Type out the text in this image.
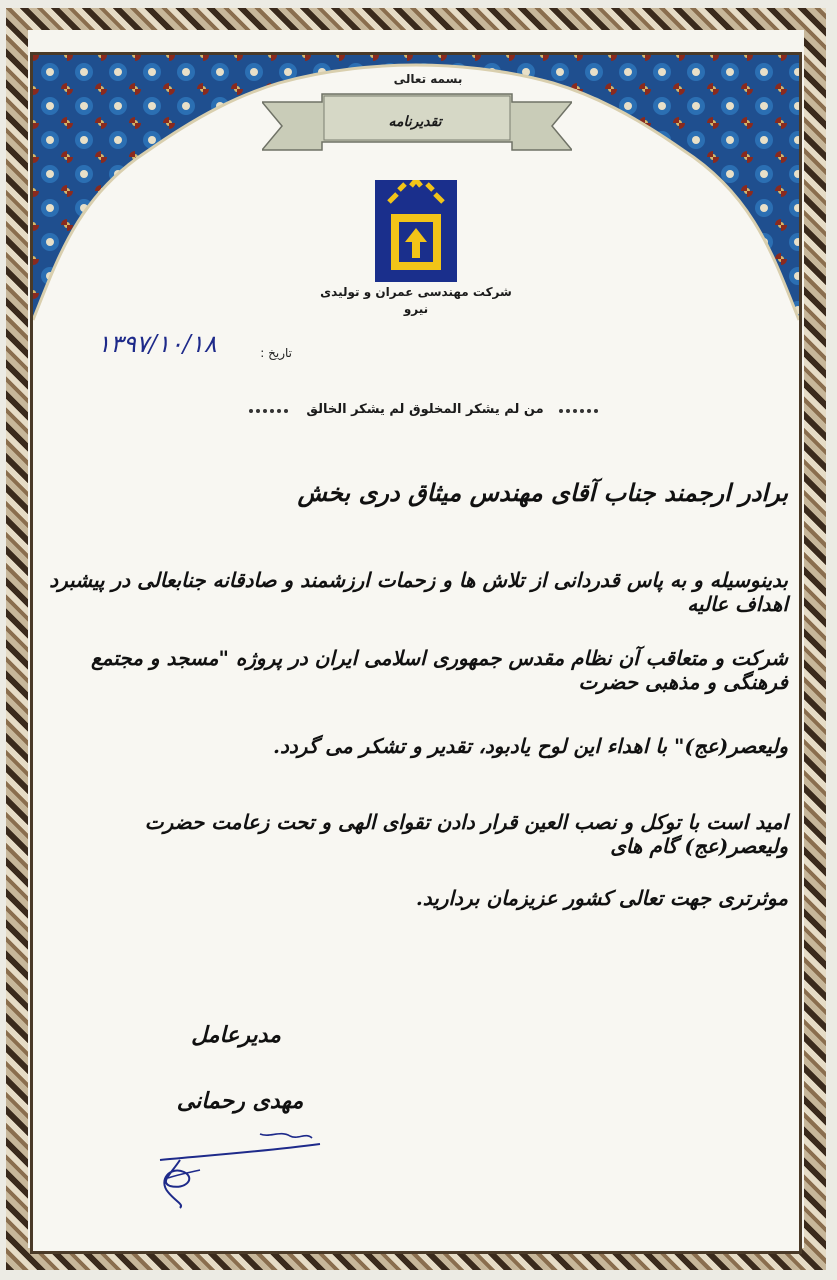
بسمه تعالی
تقدیرنامه
شرکت مهندسی عمران و تولیدی
نیرو
تاریخ :
۱۳۹۷/۱۰/۱۸
من لم يشكر المخلوق لم يشكر الخالق
برادر ارجمند جناب آقای مهندس میثاق دری بخش
بدینوسیله و به پاس قدردانی از تلاش ها و زحمات ارزشمند و صادقانه جنابعالی در پیشبرد اهداف عالیه
شرکت و متعاقب آن نظام مقدس جمهوری اسلامی ایران در پروژه "مسجد و مجتمع فرهنگی و مذهبی حضرت
ولیعصر(عج)" با اهداء این لوح یادبود، تقدیر و تشکر می گردد.
امید است با توکل و نصب العین قرار دادن تقوای الهی و تحت زعامت حضرت ولیعصر(عج) گام های
موثرتری جهت تعالی کشور عزیزمان بردارید.
مدیرعامل
مهدی رحمانی
